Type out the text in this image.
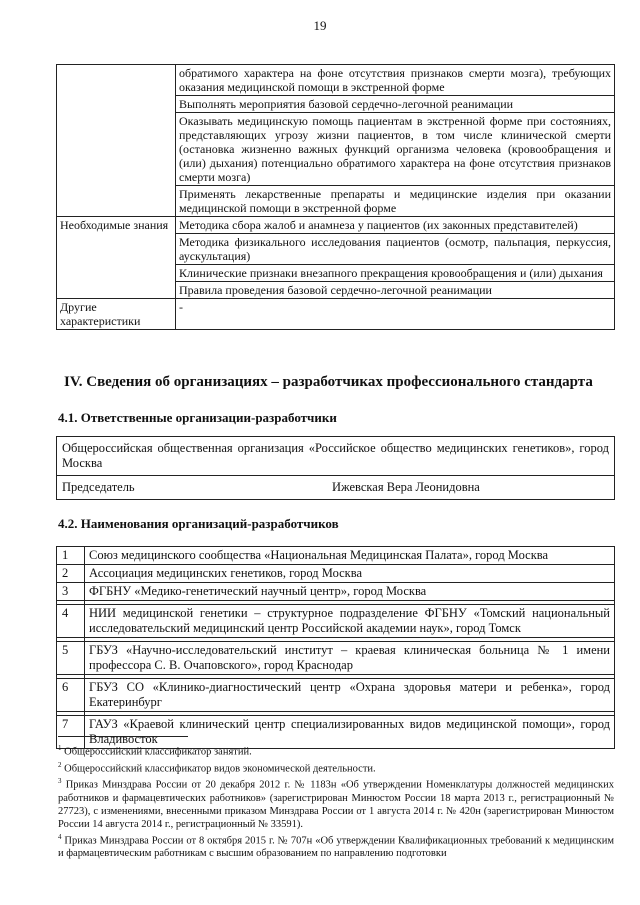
19
	обратимого характера на фоне отсутствия признаков смерти мозга), требующих оказания медицинской помощи в экстренной форме
	Выполнять мероприятия базовой сердечно-легочной реанимации
	Оказывать медицинскую помощь пациентам в экстренной форме при состояниях, представляющих угрозу жизни пациентов, в том числе клинической смерти (остановка жизненно важных функций организма человека (кровообращения и (или) дыхания) потенциально обратимого характера на фоне отсутствия признаков смерти мозга)
	Применять лекарственные препараты и медицинские изделия при оказании медицинской помощи в экстренной форме
Необходимые знания	Методика сбора жалоб и анамнеза у пациентов (их законных представителей)
	Методика физикального исследования пациентов (осмотр, пальпация, перкуссия, аускультация)
	Клинические признаки внезапного прекращения кровообращения и (или) дыхания
	Правила проведения базовой сердечно-легочной реанимации
Другие характеристики	-
IV. Сведения об организациях – разработчиках профессионального стандарта
4.1. Ответственные организации-разработчики
Общероссийская общественная организация «Российское общество медицинских генетиков», город Москва

Председатель	Ижевская Вера Леонидовна
4.2. Наименования организаций-разработчиков
1	Союз медицинского сообщества «Национальная Медицинская Палата», город Москва
2	Ассоциация медицинских генетиков, город Москва
3	ФГБНУ «Медико-генетический научный центр», город Москва

4	НИИ медицинской генетики – структурное подразделение ФГБНУ «Томский национальный исследовательский медицинский центр Российской академии наук», город Томск

5	ГБУЗ «Научно-исследовательский институт – краевая клиническая больница № 1 имени профессора С. В. Очаповского», город Краснодар

6	ГБУЗ СО «Клинико-диагностический центр «Охрана здоровья матери и ребенка», город Екатеринбург

7	ГАУЗ «Краевой клинический центр специализированных видов медицинской помощи», город Владивосток

$^1$ Общероссийский классификатор занятий.

$^2$ Общероссийский классификатор видов экономической деятельности.

$^3$ Приказ Минздрава России от 20 декабря 2012 г. № 1183н «Об утверждении Номенклатуры должностей медицинских работников и фармацевтических работников» (зарегистрирован Минюстом России 18 марта 2013 г., регистрационный № 27723), с изменениями, внесенными приказом Минздрава России от 1 августа 2014 г. № 420н (зарегистрирован Минюстом России 14 августа 2014 г., регистрационный № 33591).

$^4$ Приказ Минздрава России от 8 октября 2015 г. № 707н «Об утверждении Квалификационных требований к медицинским и фармацевтическим работникам с высшим образованием по направлению подготовки
